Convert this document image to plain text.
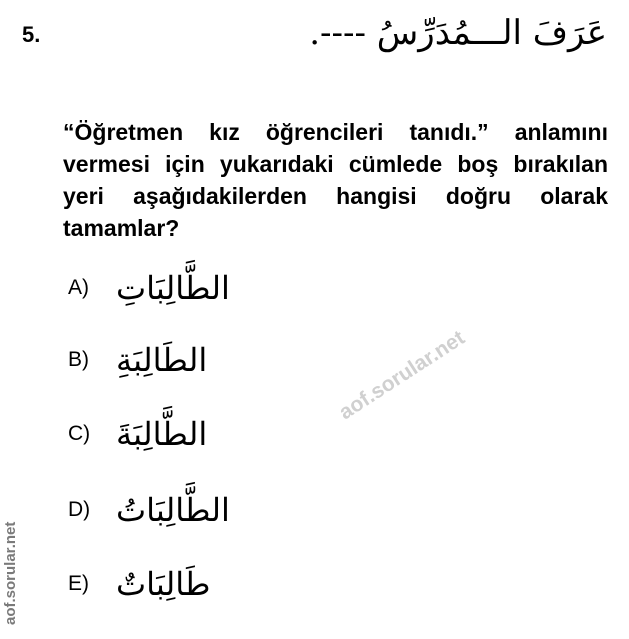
5.	عَرَفَ الـــمُدَرِّسُ ----.
“Öğretmen kız öğrencileri tanıdı.” anlamını vermesi için yukarıdaki cümlede boş bırakılan yeri aşağıdakilerden hangisi doğru olarak tamamlar?
A) الطَّالِبَاتِ
B) الطَالِبَةِ
C) الطَّالِبَةَ
D) الطَّالِبَاتُ
E) طَالِبَاتٌ
aof.sorular.net
aof.sorular.net
